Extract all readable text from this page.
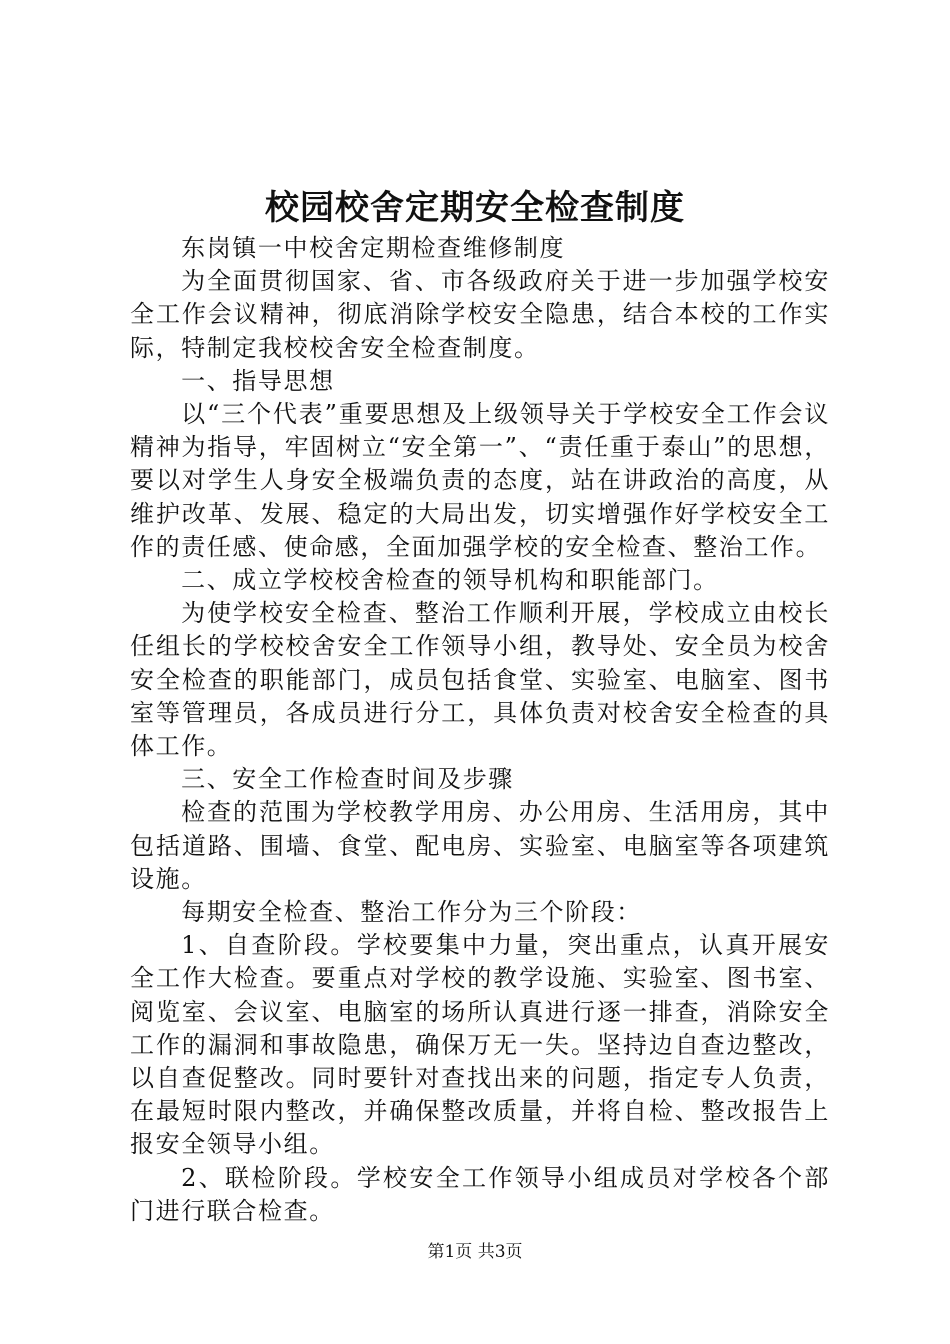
校园校舍定期安全检查制度

东岗镇一中校舍定期检查维修制度

为全面贯彻国家、省、市各级政府关于进一步加强学校安全工作会议精神，彻底消除学校安全隐患，结合本校的工作实际，特制定我校校舍安全检查制度。

一、指导思想

以“三个代表”重要思想及上级领导关于学校安全工作会议精神为指导，牢固树立“安全第一”、“责任重于泰山”的思想，要以对学生人身安全极端负责的态度，站在讲政治的高度，从维护改革、发展、稳定的大局出发，切实增强作好学校安全工作的责任感、使命感，全面加强学校的安全检查、整治工作。

二、成立学校校舍检查的领导机构和职能部门。

为使学校安全检查、整治工作顺利开展，学校成立由校长任组长的学校校舍安全工作领导小组，教导处、安全员为校舍安全检查的职能部门，成员包括食堂、实验室、电脑室、图书室等管理员，各成员进行分工，具体负责对校舍安全检查的具体工作。

三、安全工作检查时间及步骤

检查的范围为学校教学用房、办公用房、生活用房，其中包括道路、围墙、食堂、配电房、实验室、电脑室等各项建筑设施。

每期安全检查、整治工作分为三个阶段：

1、自查阶段。学校要集中力量，突出重点，认真开展安全工作大检查。要重点对学校的教学设施、实验室、图书室、阅览室、会议室、电脑室的场所认真进行逐一排查，消除安全工作的漏洞和事故隐患，确保万无一失。坚持边自查边整改，以自查促整改。同时要针对查找出来的问题，指定专人负责，在最短时限内整改，并确保整改质量，并将自检、整改报告上报安全领导小组。

2、联检阶段。学校安全工作领导小组成员对学校各个部门进行联合检查。

第1页 共3页
